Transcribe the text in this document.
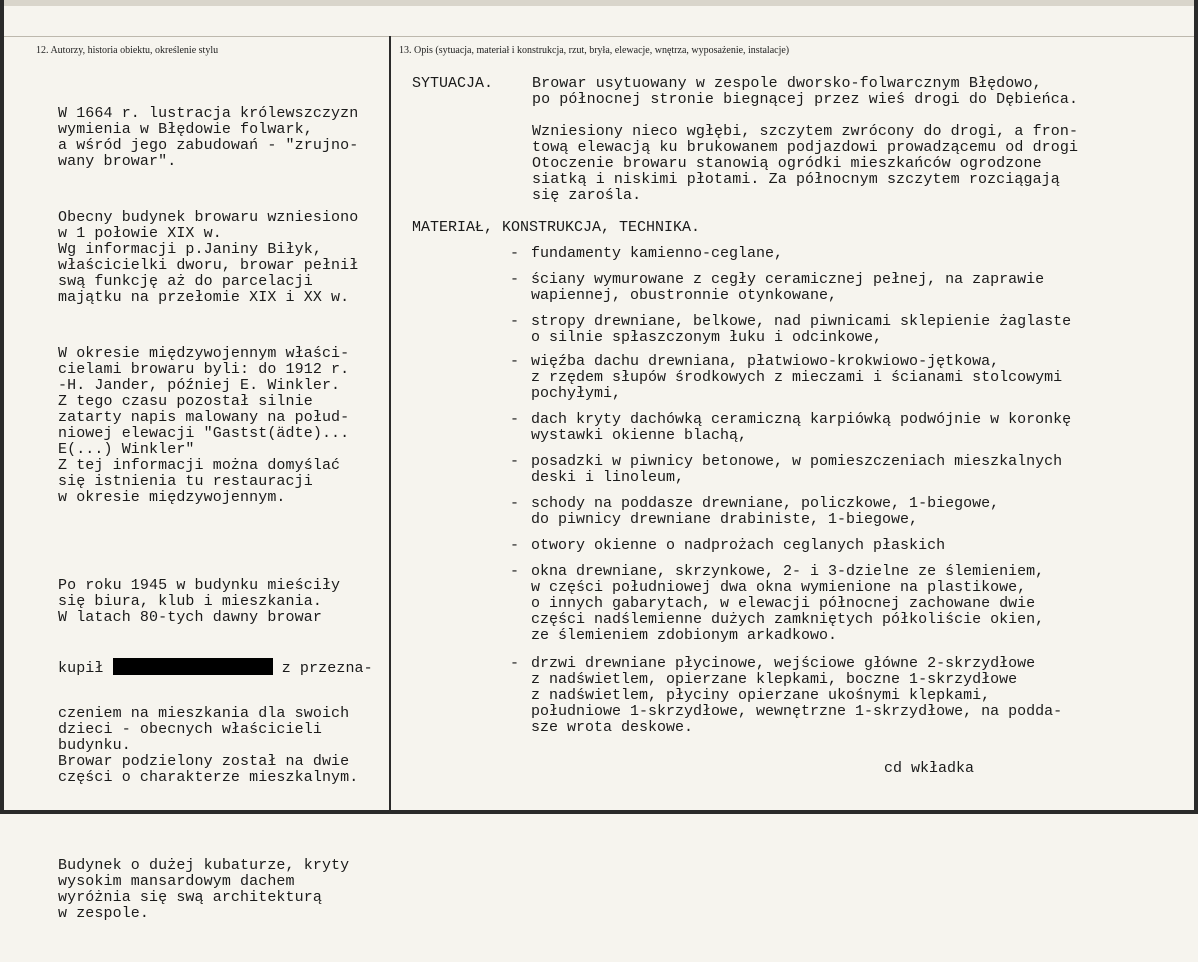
12. Autorzy, historia obiektu, określenie stylu	13. Opis (sytuacja, materiał i konstrukcja, rzut, bryła, elewacje, wnętrza, wyposażenie, instalacje)

W 1664 r. lustracja królewszczyzn
wymienia w Błędowie folwark,
a wśród jego zabudowań - "zrujno-
wany browar".

Obecny budynek browaru wzniesiono
w 1 połowie XIX w.
Wg informacji p.Janiny Biłyk,
właścicielki dworu, browar pełnił
swą funkcję aż do parcelacji
majątku na przełomie XIX i XX w.

W okresie międzywojennym właści-
cielami browaru byli: do 1912 r.
-H. Jander, później E. Winkler.
Z tego czasu pozostał silnie
zatarty napis malowany na połud-
niowej elewacji "Gastst(ädte)...
E(...) Winkler"
Z tej informacji można domyślać
się istnienia tu restauracji
w okresie międzywojennym.

Po roku 1945 w budynku mieściły
się biura, klub i mieszkania.
W latach 80-tych dawny browar

kupił	z przezna-

czeniem na mieszkania dla swoich
dzieci - obecnych właścicieli
budynku.
Browar podzielony został na dwie
części o charakterze mieszkalnym.

Budynek o dużej kubaturze, kryty
wysokim mansardowym dachem
wyróżnia się swą architekturą
w zespole.

SYTUACJA.	Browar usytuowany w zespole dworsko-folwarcznym Błędowo,
po północnej stronie biegnącej przez wieś drogi do Dębieńca.
Wzniesiony nieco wgłębi, szczytem zwrócony do drogi, a fron-
tową elewacją ku brukowanem podjazdowi prowadzącemu od drogi
Otoczenie browaru stanowią ogródki mieszkańców ogrodzone
siatką i niskimi płotami. Za północnym szczytem rozciągają
się zarośla.
MATERIAŁ, KONSTRUKCJA, TECHNIKA.
- fundamenty kamienno-ceglane,
- ściany wymurowane z cegły ceramicznej pełnej, na zaprawie
wapiennej, obustronnie otynkowane,
- stropy drewniane, belkowe, nad piwnicami sklepienie żaglaste
o silnie spłaszczonym łuku i odcinkowe,
- więźba dachu drewniana, płatwiowo-krokwiowo-jętkowa,
z rzędem słupów środkowych z mieczami i ścianami stolcowymi
pochyłymi,
- dach kryty dachówką ceramiczną karpiówką podwójnie w koronkę
wystawki okienne blachą,
- posadzki w piwnicy betonowe, w pomieszczeniach mieszkalnych
deski i linoleum,
- schody na poddasze drewniane, policzkowe, 1-biegowe,
do piwnicy drewniane drabiniste, 1-biegowe,
- otwory okienne o nadprożach ceglanych płaskich
- okna drewniane, skrzynkowe, 2- i 3-dzielne ze ślemieniem,
w części południowej dwa okna wymienione na plastikowe,
o innych gabarytach, w elewacji północnej zachowane dwie
części nadślemienne dużych zamkniętych półkoliście okien,
ze ślemieniem zdobionym arkadkowo.
- drzwi drewniane płycinowe, wejściowe główne 2-skrzydłowe
z nadświetlem, opierzane klepkami, boczne 1-skrzydłowe
z nadświetlem, płyciny opierzane ukośnymi klepkami,
południowe 1-skrzydłowe, wewnętrzne 1-skrzydłowe, na podda-
sze wrota deskowe.
cd wkładka
